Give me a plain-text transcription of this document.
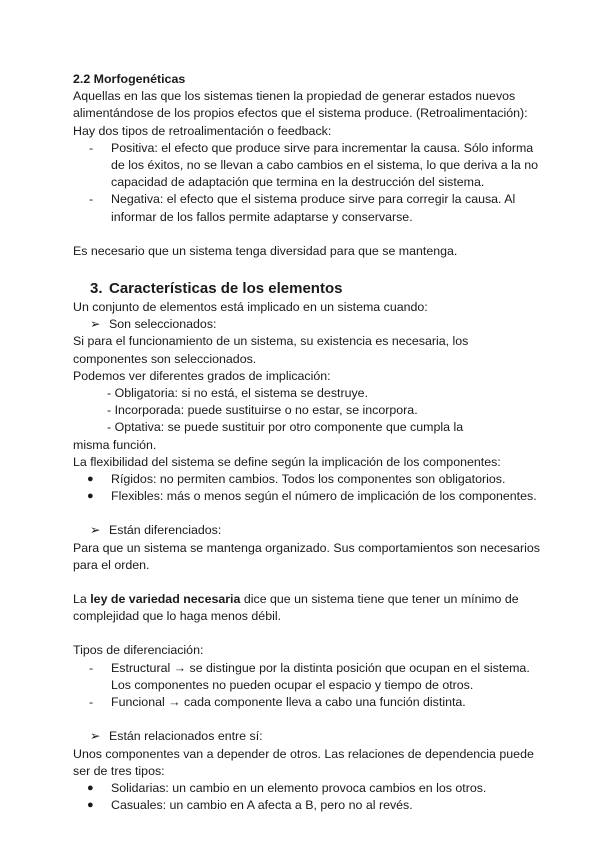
2.2 Morfogenéticas

Aquellas en las que los sistemas tienen la propiedad de generar estados nuevos alimentándose de los propios efectos que el sistema produce. (Retroalimentación):

Hay dos tipos de retroalimentación o feedback:

- Positiva: el efecto que produce sirve para incrementar la causa. Sólo informa de los éxitos, no se llevan a cabo cambios en el sistema, lo que deriva a la no capacidad de adaptación que termina en la destrucción del sistema.
- Negativa: el efecto que el sistema produce sirve para corregir la causa. Al informar de los fallos permite adaptarse y conservarse.

Es necesario que un sistema tenga diversidad para que se mantenga.

3. Características de los elementos

Un conjunto de elementos está implicado en un sistema cuando:

➢ Son seleccionados:

Si para el funcionamiento de un sistema, su existencia es necesaria, los componentes son seleccionados.

Podemos ver diferentes grados de implicación:

- Obligatoria: si no está, el sistema se destruye.
- Incorporada: puede sustituirse o no estar, se incorpora.
- Optativa: se puede sustituir por otro componente que cumpla la

misma función.

La flexibilidad del sistema se define según la implicación de los componentes:

● Rígidos: no permiten cambios. Todos los componentes son obligatorios.
● Flexibles: más o menos según el número de implicación de los componentes.

➢ Están diferenciados:

Para que un sistema se mantenga organizado. Sus comportamientos son necesarios para el orden.

La ley de variedad necesaria dice que un sistema tiene que tener un mínimo de complejidad que lo haga menos débil.

Tipos de diferenciación:

- Estructural → se distingue por la distinta posición que ocupan en el sistema. Los componentes no pueden ocupar el espacio y tiempo de otros.
- Funcional → cada componente lleva a cabo una función distinta.

➢ Están relacionados entre sí:

Unos componentes van a depender de otros. Las relaciones de dependencia puede ser de tres tipos:

● Solidarias: un cambio en un elemento provoca cambios en los otros.
● Casuales: un cambio en A afecta a B, pero no al revés.
